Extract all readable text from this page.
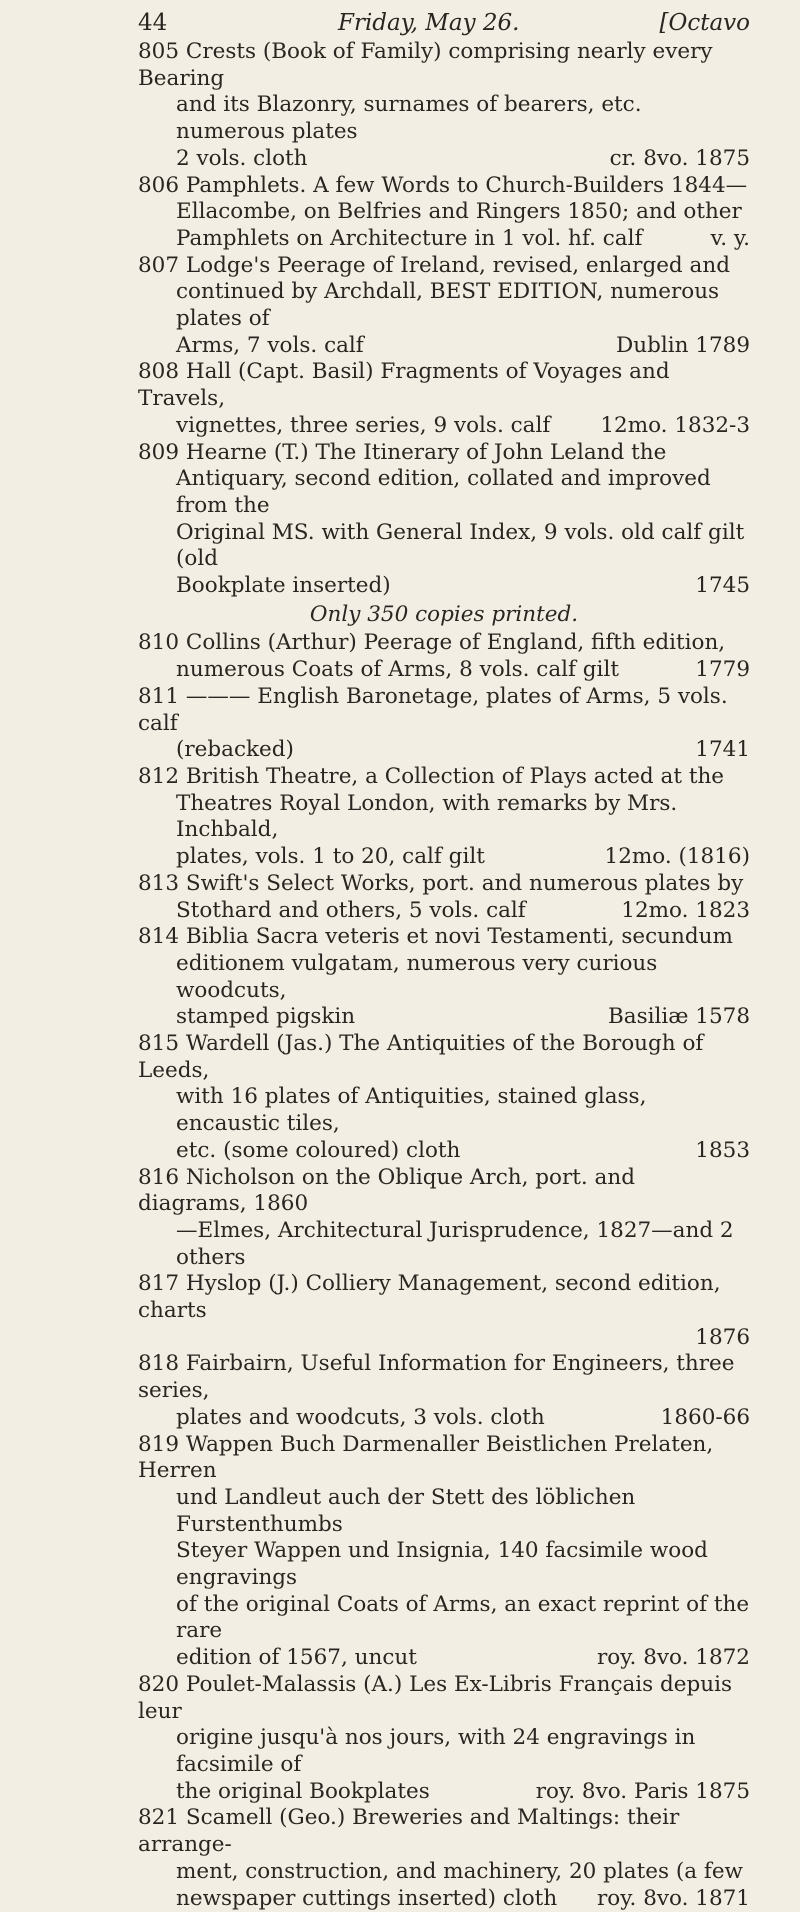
44	Friday, May 26.	[Octavo
805 Crests (Book of Family) comprising nearly every Bearing
and its Blazonry, surnames of bearers, etc. numerous plates
2 vols. cloth	cr. 8vo. 1875
806 Pamphlets. A few Words to Church-Builders 1844—
Ellacombe, on Belfries and Ringers 1850; and other
Pamphlets on Architecture in 1 vol. hf. calf	v. y.
807 Lodge's Peerage of Ireland, revised, enlarged and
continued by Archdall, BEST EDITION, numerous plates of
Arms, 7 vols. calf	Dublin 1789
808 Hall (Capt. Basil) Fragments of Voyages and Travels,
vignettes, three series, 9 vols. calf 12mo. 1832-3
809 Hearne (T.) The Itinerary of John Leland the
Antiquary, second edition, collated and improved from the
Original MS. with General Index, 9 vols. old calf gilt (old
Bookplate inserted)	1745
Only 350 copies printed.
810 Collins (Arthur) Peerage of England, fifth edition,
numerous Coats of Arms, 8 vols. calf gilt	1779
811 ——— English Baronetage, plates of Arms, 5 vols. calf
(rebacked)	1741
812 British Theatre, a Collection of Plays acted at the
Theatres Royal London, with remarks by Mrs. Inchbald,
plates, vols. 1 to 20, calf gilt	12mo. (1816)
813 Swift's Select Works, port. and numerous plates by
Stothard and others, 5 vols. calf	12mo. 1823
814 Biblia Sacra veteris et novi Testamenti, secundum
editionem vulgatam, numerous very curious woodcuts,
stamped pigskin	Basiliæ 1578
815 Wardell (Jas.) The Antiquities of the Borough of Leeds,
with 16 plates of Antiquities, stained glass, encaustic tiles,
etc. (some coloured) cloth	1853
816 Nicholson on the Oblique Arch, port. and diagrams, 1860
—Elmes, Architectural Jurisprudence, 1827—and 2 others
817 Hyslop (J.) Colliery Management, second edition, charts
1876
818 Fairbairn, Useful Information for Engineers, three series,
plates and woodcuts, 3 vols. cloth	1860-66
819 Wappen Buch Darmenaller Beistlichen Prelaten, Herren
und Landleut auch der Stett des löblichen Furstenthumbs
Steyer Wappen und Insignia, 140 facsimile wood engravings
of the original Coats of Arms, an exact reprint of the rare
edition of 1567, uncut	roy. 8vo. 1872
820 Poulet-Malassis (A.) Les Ex-Libris Français depuis leur
origine jusqu'à nos jours, with 24 engravings in facsimile of
the original Bookplates	roy. 8vo. Paris 1875
821 Scamell (Geo.) Breweries and Maltings: their arrange-
ment, construction, and machinery, 20 plates (a few
newspaper cuttings inserted) cloth roy. 8vo. 1871
